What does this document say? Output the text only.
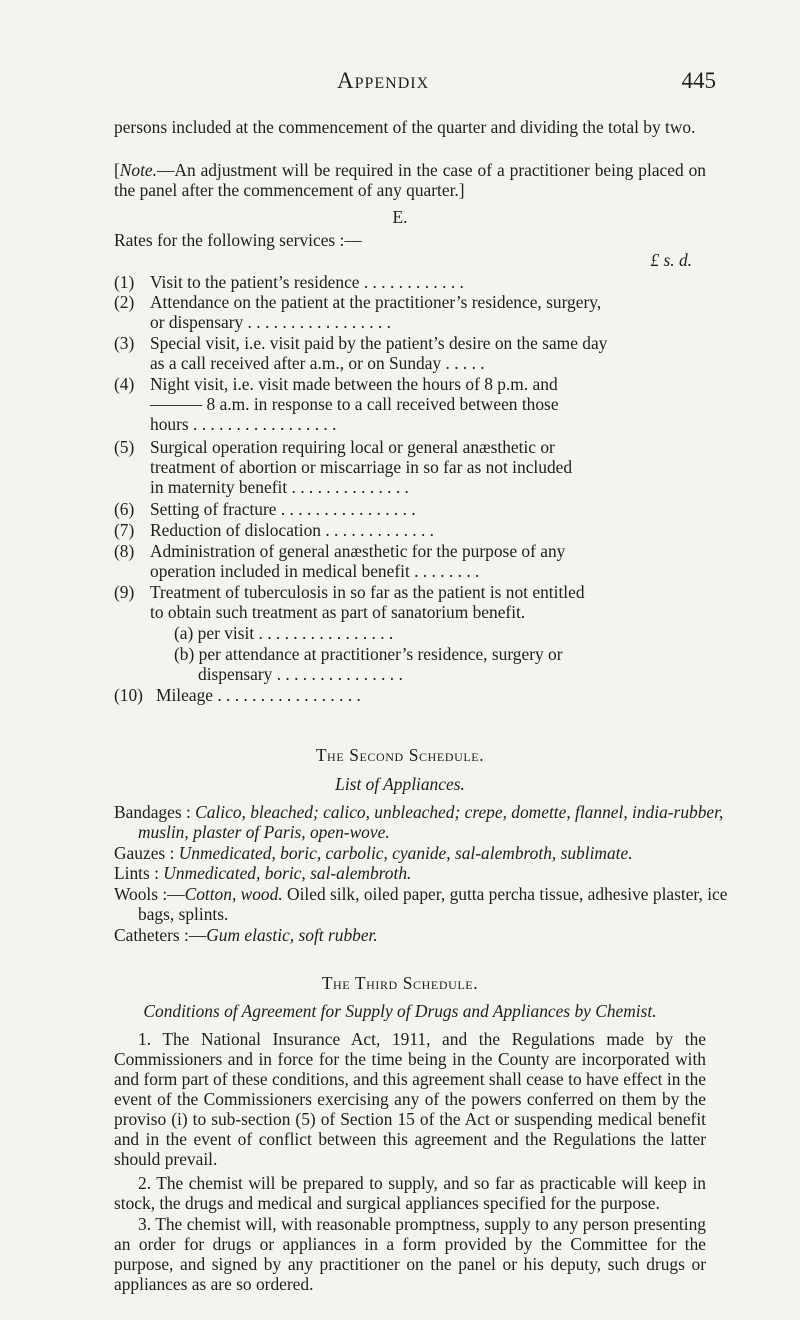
Appendix	445
persons included at the commencement of the quarter and dividing the total by two.
[Note.—An adjustment will be required in the case of a practitioner being placed on the panel after the commencement of any quarter.]
E.
Rates for the following services :—
£ s. d.
(1) Visit to the patient’s residence . . . . . . . . . . . .
(2) Attendance on the patient at the practitioner’s residence, surgery,
or dispensary . . . . . . . . . . . . . . . . .
(3) Special visit, i.e. visit paid by the patient’s desire on the same day
as a call received after a.m., or on Sunday . . . . .
(4) Night visit, i.e. visit made between the hours of 8 p.m. and
——— 8 a.m. in response to a call received between those
hours . . . . . . . . . . . . . . . . .
(5) Surgical operation requiring local or general anæsthetic or
treatment of abortion or miscarriage in so far as not included
in maternity benefit . . . . . . . . . . . . . .
(6) Setting of fracture . . . . . . . . . . . . . . . .
(7) Reduction of dislocation . . . . . . . . . . . . .
(8) Administration of general anæsthetic for the purpose of any
operation included in medical benefit . . . . . . . .
(9) Treatment of tuberculosis in so far as the patient is not entitled
to obtain such treatment as part of sanatorium benefit.
(a) per visit . . . . . . . . . . . . . . . .
(b) per attendance at practitioner’s residence, surgery or
dispensary . . . . . . . . . . . . . . .
(10) Mileage . . . . . . . . . . . . . . . . .
The Second Schedule.
List of Appliances.
Bandages : Calico, bleached; calico, unbleached; crepe, domette, flannel, india-rubber, muslin, plaster of Paris, open-wove.
Gauzes : Unmedicated, boric, carbolic, cyanide, sal-alembroth, sublimate.
Lints : Unmedicated, boric, sal-alembroth.
Wools :—Cotton, wood. Oiled silk, oiled paper, gutta percha tissue, adhesive plaster, ice bags, splints.
Catheters :—Gum elastic, soft rubber.
The Third Schedule.
Conditions of Agreement for Supply of Drugs and Appliances by Chemist.
1. The National Insurance Act, 1911, and the Regulations made by the Commissioners and in force for the time being in the County are incorporated with and form part of these conditions, and this agreement shall cease to have effect in the event of the Commissioners exercising any of the powers conferred on them by the proviso (i) to sub-section (5) of Section 15 of the Act or suspending medical benefit and in the event of conflict between this agreement and the Regulations the latter should prevail.
2. The chemist will be prepared to supply, and so far as practicable will keep in stock, the drugs and medical and surgical appliances specified for the purpose.
3. The chemist will, with reasonable promptness, supply to any person presenting an order for drugs or appliances in a form provided by the Committee for the purpose, and signed by any practitioner on the panel or his deputy, such drugs or appliances as are so ordered.
